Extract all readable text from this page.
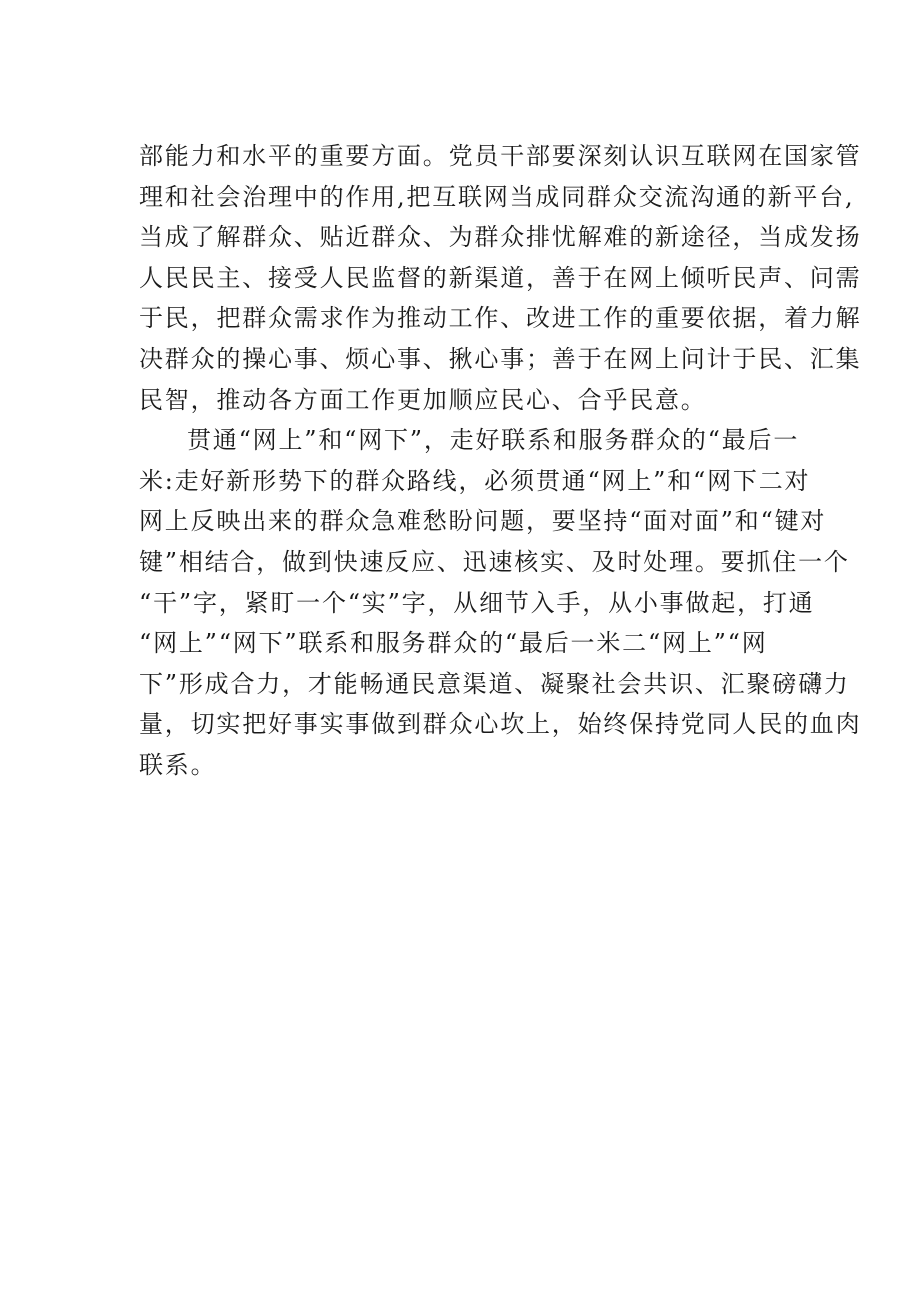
部能力和水平的重要方面。党员干部要深刻认识互联网在国家管
理和社会治理中的作用,把互联网当成同群众交流沟通的新平台,
当成了解群众、贴近群众、为群众排忧解难的新途径，当成发扬
人民民主、接受人民监督的新渠道，善于在网上倾听民声、问需
于民，把群众需求作为推动工作、改进工作的重要依据，着力解
决群众的操心事、烦心事、揪心事；善于在网上问计于民、汇集
民智，推动各方面工作更加顺应民心、合乎民意。
贯通“网上”和“网下”，走好联系和服务群众的“最后一
米:走好新形势下的群众路线，必须贯通“网上”和“网下二对
网上反映出来的群众急难愁盼问题，要坚持“面对面”和“键对
键”相结合，做到快速反应、迅速核实、及时处理。要抓住一个
“干”字，紧盯一个“实”字，从细节入手，从小事做起，打通
“网上”“网下”联系和服务群众的“最后一米二“网上”“网
下”形成合力，才能畅通民意渠道、凝聚社会共识、汇聚磅礴力
量，切实把好事实事做到群众心坎上，始终保持党同人民的血肉
联系。
